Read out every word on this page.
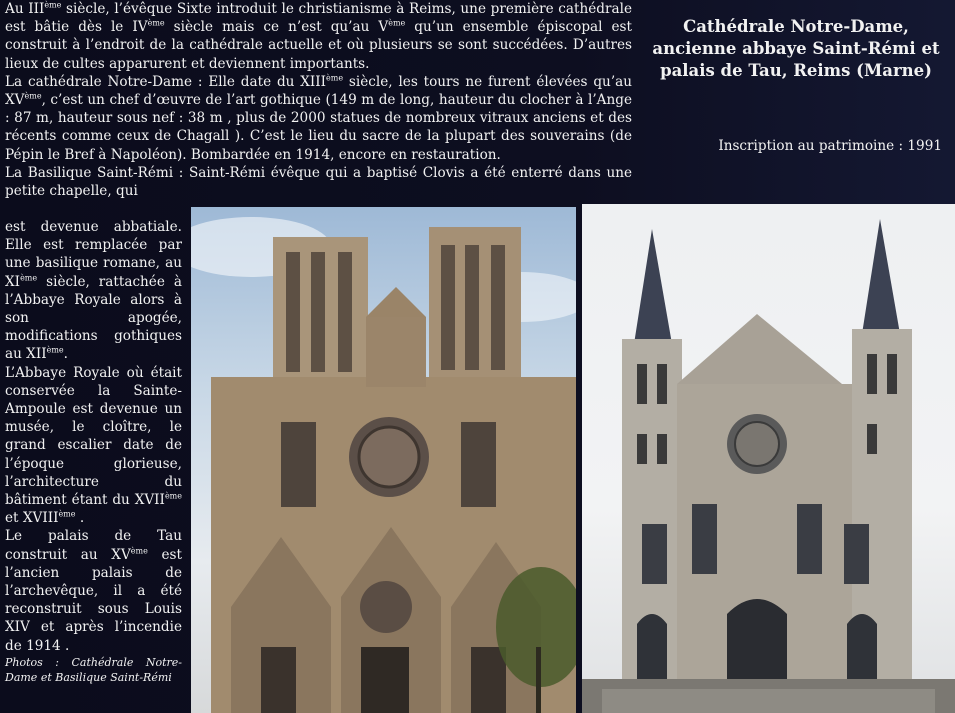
Au IIIème siècle, l’évêque Sixte introduit le christianisme à Reims, une première cathédrale est bâtie dès le IVème siècle mais ce n’est qu’au Vème qu’un ensemble épiscopal est construit à l’endroit de la cathédrale actuelle et où plusieurs se sont succédées. D’autres lieux de cultes apparurent et deviennent importants.

La cathédrale Notre-Dame : Elle date du XIIIème siècle, les tours ne furent élevées qu’au XVème, c’est un chef d’œuvre de l’art gothique (149 m de long, hauteur du clocher à l’Ange : 87 m, hauteur sous nef : 38 m , plus de 2000 statues de nombreux vitraux anciens et des récents comme ceux de Chagall ). C’est le lieu du sacre de la plupart des souverains (de Pépin le Bref à Napoléon). Bombardée en 1914, encore en restauration.

La Basilique Saint-Rémi : Saint-Rémi évêque qui a baptisé Clovis a été enterré dans une petite chapelle, qui

est devenue abbatiale. Elle est remplacée par une basilique romane, au XIème siècle, rattachée à l’Abbaye Royale alors à son apogée, modifications gothiques au XIIème.

L’Abbaye Royale où était conservée la Sainte-Ampoule est devenue un musée, le cloître, le grand escalier date de l’époque glorieuse, l’architecture du bâtiment étant du XVIIème et XVIIIème .

Le palais de Tau construit au XVème est l’ancien palais de l’archevêque, il a été reconstruit sous Louis XIV et après l’incendie de 1914 .

Photos : Cathédrale Notre-Dame et Basilique Saint-Rémi

Cathédrale Notre-Dame, ancienne abbaye Saint-Rémi et palais de Tau, Reims (Marne)
Inscription au patrimoine : 1991
